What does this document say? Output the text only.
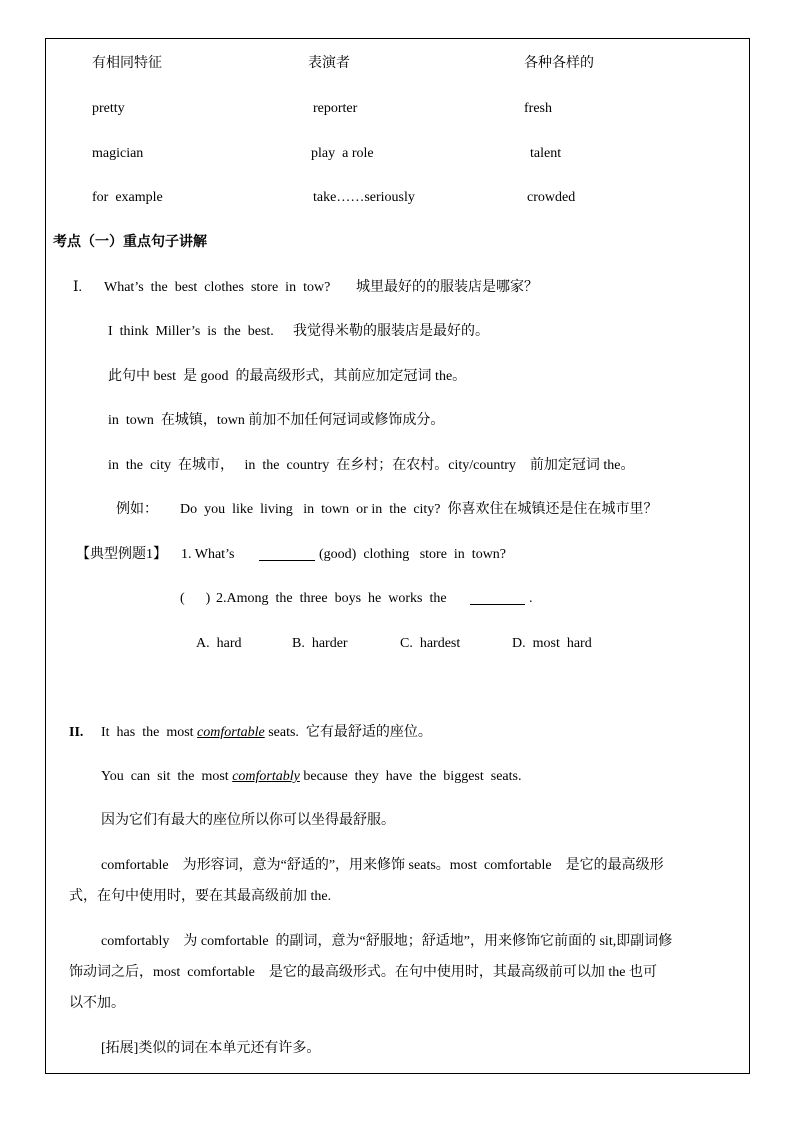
有相同特征	表演者	各种各样的
pretty	reporter	fresh
magician	play  a role	talent
for  example	take……seriously	crowded
考点（一）重点句子讲解
Ⅰ. What’s  the  best  clothes  store  in  tow? 城里最好的的服装店是哪家？
I  think  Miller’s  is  the  best. 我觉得米勒的服装店是最好的。
此句中 best  是 good  的最高级形式，其前应加定冠词 the。
in  town  在城镇，town 前加不加任何冠词或修饰成分。
in  the  city  在城市，   in  the  country  在乡村；在农村。city/country    前加定冠词 the。
例如： Do  you  like  living   in  town  or in  the  city?  你喜欢住在城镇还是住在城市里？
【典型例题1】 1. What’s	(good)  clothing   store  in  town?
(      ) 2.Among  the  three  boys  he  works  the	.
A.  hard	B.  harder	C.  hardest	D.  most  hard
II. It  has  the  most comfortable seats.  它有最舒适的座位。
You  can  sit  the  most comfortably because  they  have  the  biggest  seats.
因为它们有最大的座位所以你可以坐得最舒服。
comfortable    为形容词，意为“舒适的”，用来修饰 seats。most  comfortable    是它的最高级形
式，在句中使用时，要在其最高级前加 the.
comfortably    为 comfortable  的副词，意为“舒服地；舒适地”，用来修饰它前面的 sit,即副词修
饰动词之后，most  comfortable    是它的最高级形式。在句中使用时，其最高级前可以加 the 也可
以不加。
[拓展]类似的词在本单元还有许多。
